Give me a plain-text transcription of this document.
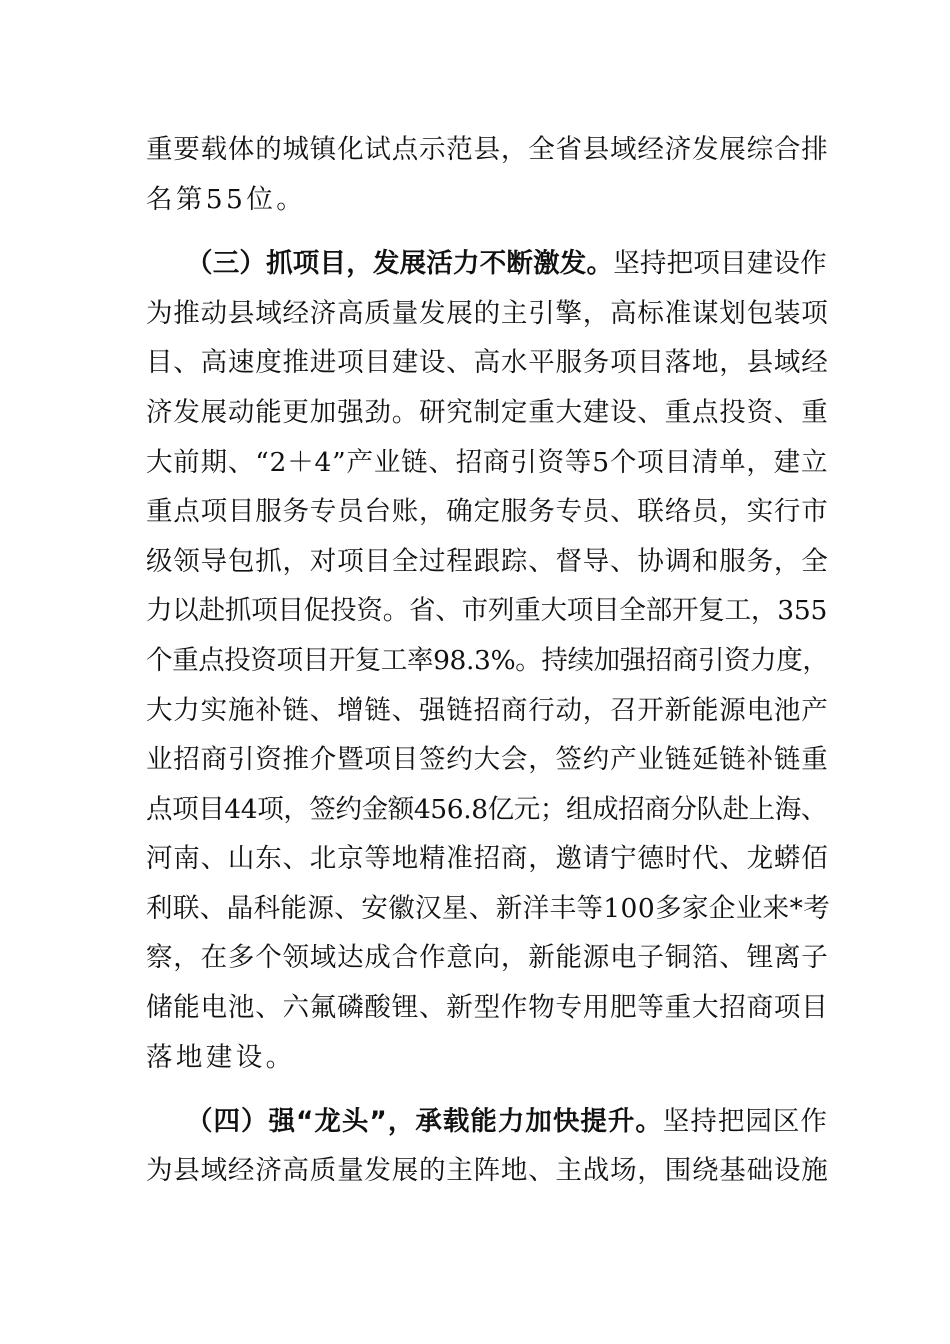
重要载体的城镇化试点示范县，全省县域经济发展综合排
名第55位。
（三）抓项目，发展活力不断激发。坚持把项目建设作
为推动县域经济高质量发展的主引擎，高标准谋划包装项
目、高速度推进项目建设、高水平服务项目落地，县域经
济发展动能更加强劲。研究制定重大建设、重点投资、重
大前期、“2＋4”产业链、招商引资等5个项目清单，建立
重点项目服务专员台账，确定服务专员、联络员，实行市
级领导包抓，对项目全过程跟踪、督导、协调和服务，全
力以赴抓项目促投资。省、市列重大项目全部开复工，355
个重点投资项目开复工率98.3%。持续加强招商引资力度，
大力实施补链、增链、强链招商行动，召开新能源电池产
业招商引资推介暨项目签约大会，签约产业链延链补链重
点项目44项，签约金额456.8亿元；组成招商分队赴上海、
河南、山东、北京等地精准招商，邀请宁德时代、龙蟒佰
利联、晶科能源、安徽汉星、新洋丰等100多家企业来*考
察，在多个领域达成合作意向，新能源电子铜箔、锂离子
储能电池、六氟磷酸锂、新型作物专用肥等重大招商项目
落地建设。
（四）强“龙头”，承载能力加快提升。坚持把园区作
为县域经济高质量发展的主阵地、主战场，围绕基础设施
